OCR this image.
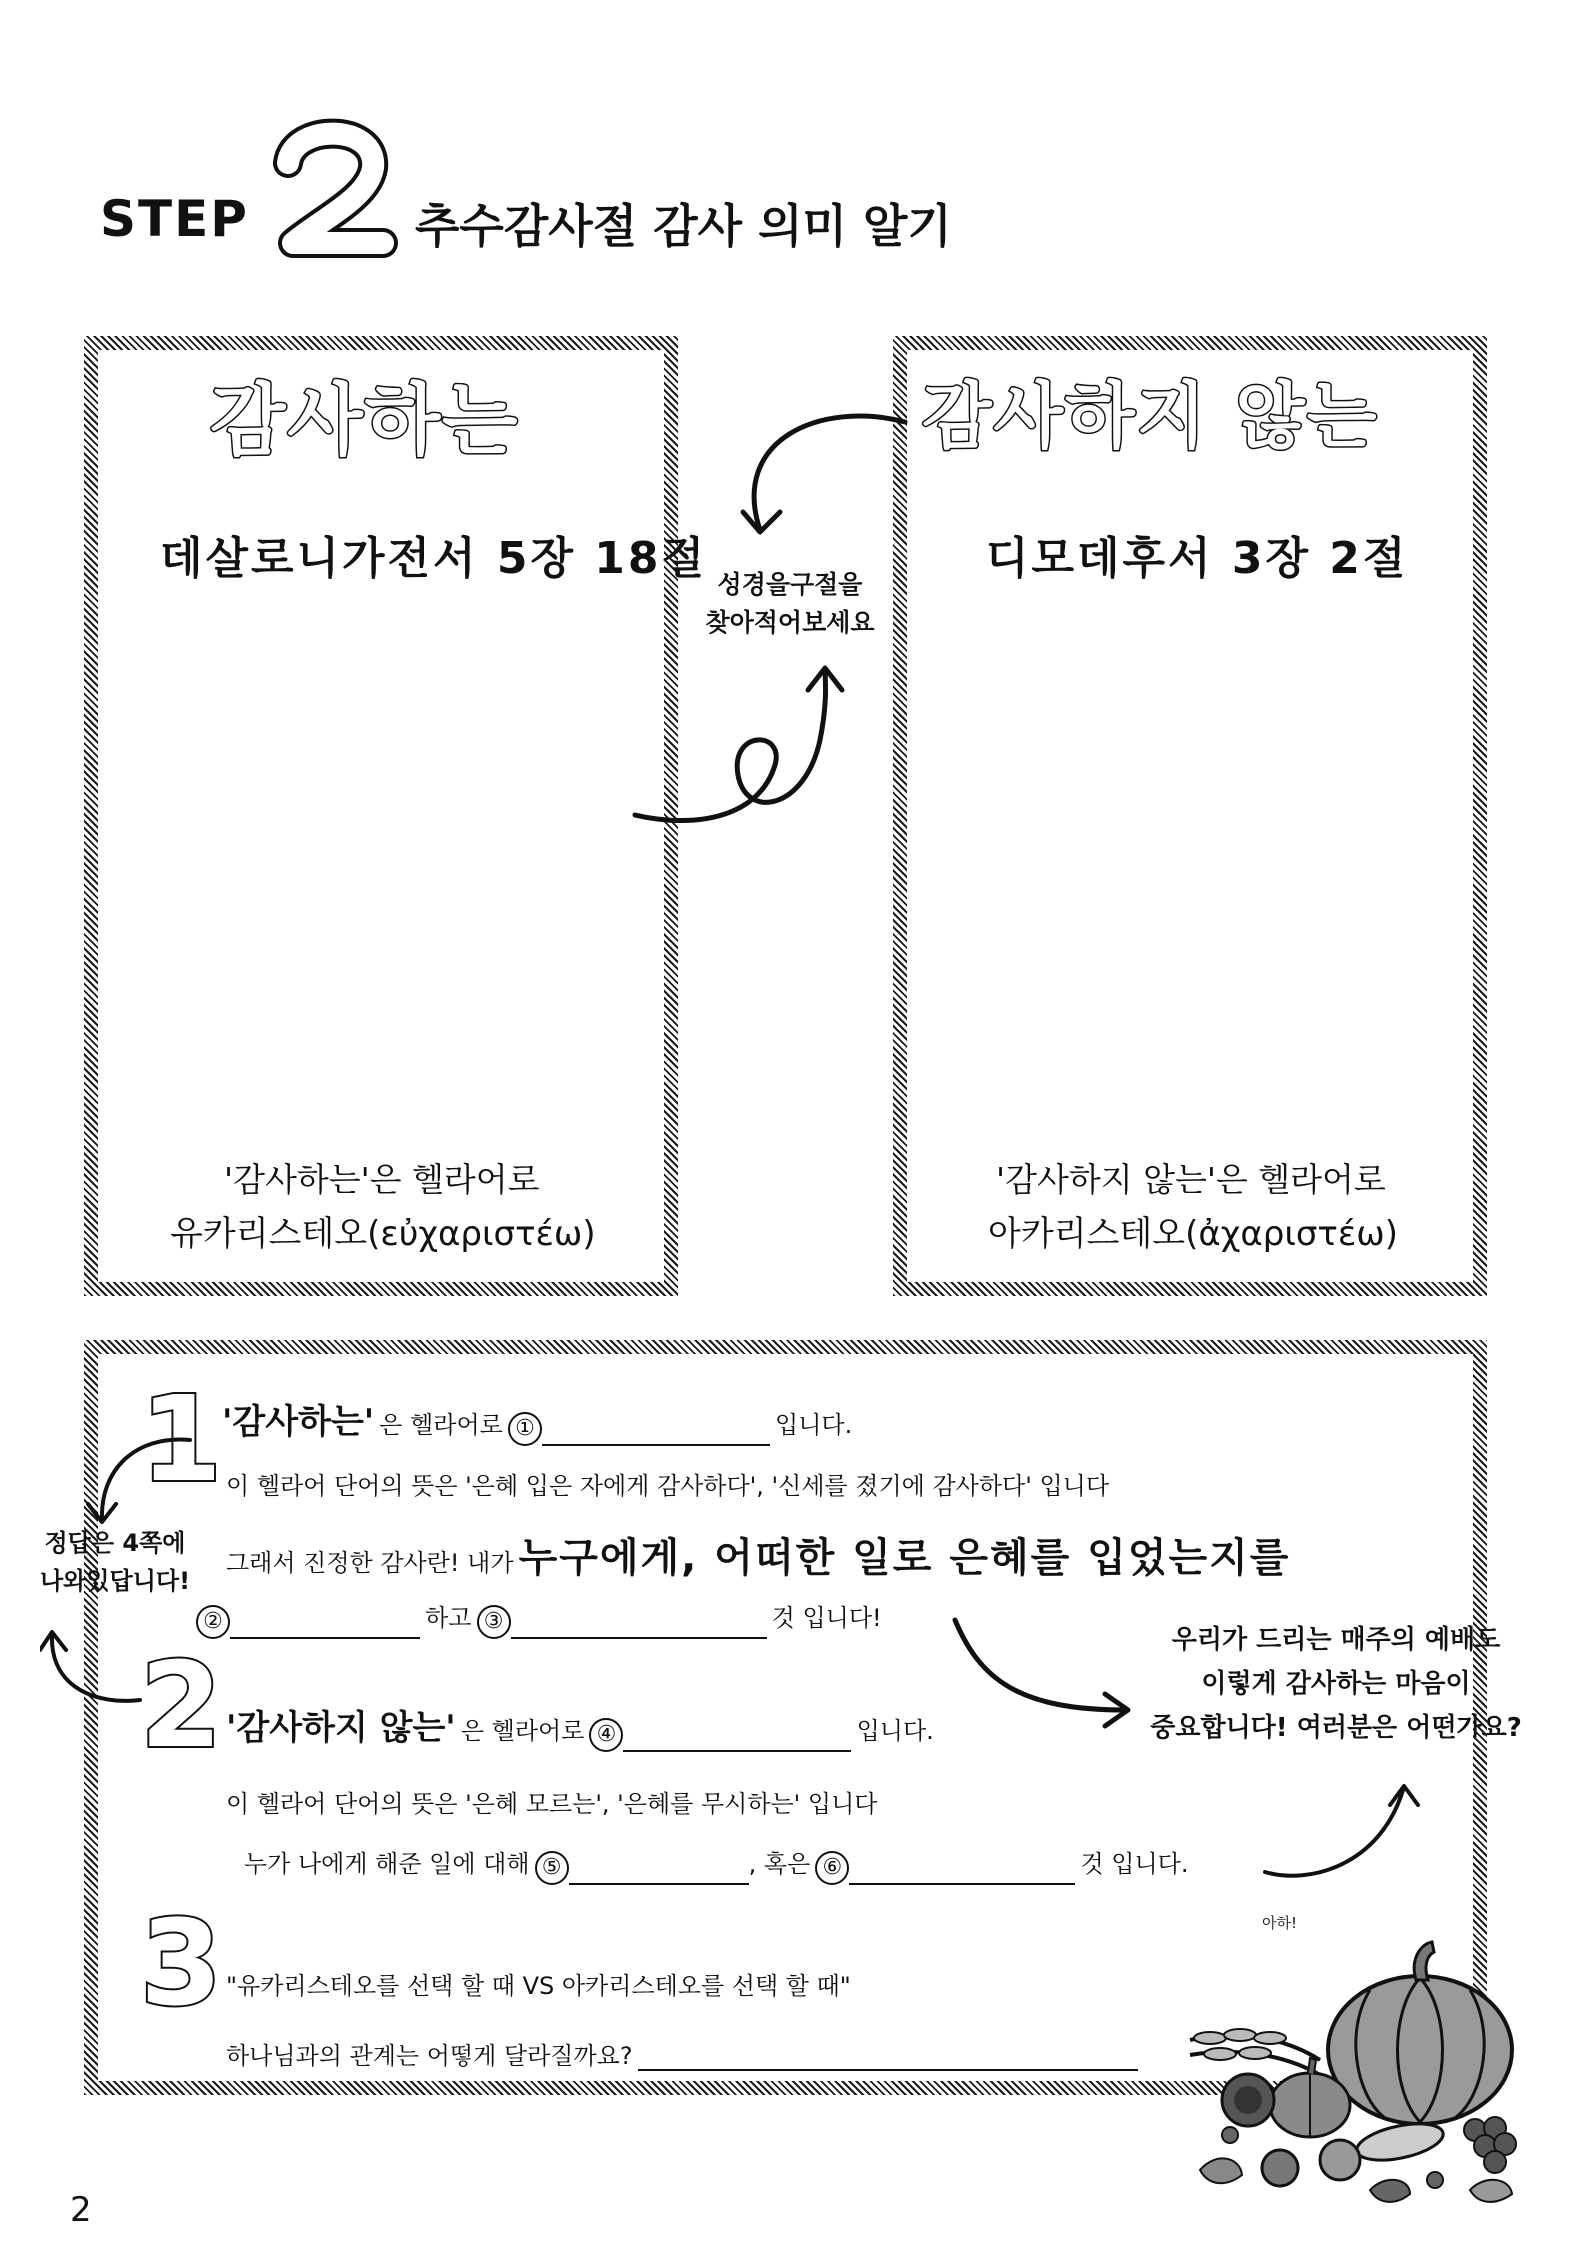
STEP	추수감사절 감사 의미 알기
감사하는
데살로니가전서 5장 18절
'감사하는'은 헬라어로
유카리스테오(εὐχαριστέω)
감사하지 않는
디모데후서 3장 2절
'감사하지 않는'은 헬라어로
아카리스테오(ἀχαριστέω)
성경을구절을
찾아적어보세요
1 '감사하는' 은 헬라어로 ①	입니다.
이 헬라어 단어의 뜻은 '은혜 입은 자에게 감사하다', '신세를 졌기에 감사하다' 입니다
그래서 진정한 감사란! 내가 누구에게, 어떠한 일로 은혜를 입었는지를
②	하고 ③	것 입니다!
정답은 4쪽에
나와있답니다!
2 '감사하지 않는' 은 헬라어로 ④	입니다.
이 헬라어 단어의 뜻은 '은혜 모르는', '은혜를 무시하는' 입니다
누가 나에게 해준 일에 대해 ⑤	, 혹은 ⑥	것 입니다.
우리가 드리는 매주의 예배도
이렇게 감사하는 마음이
중요합니다! 여러분은 어떤가요?
3 "유카리스테오를 선택 할 때 VS 아카리스테오를 선택 할 때"
하나님과의 관계는 어떻게 달라질까요?
아하!
2
